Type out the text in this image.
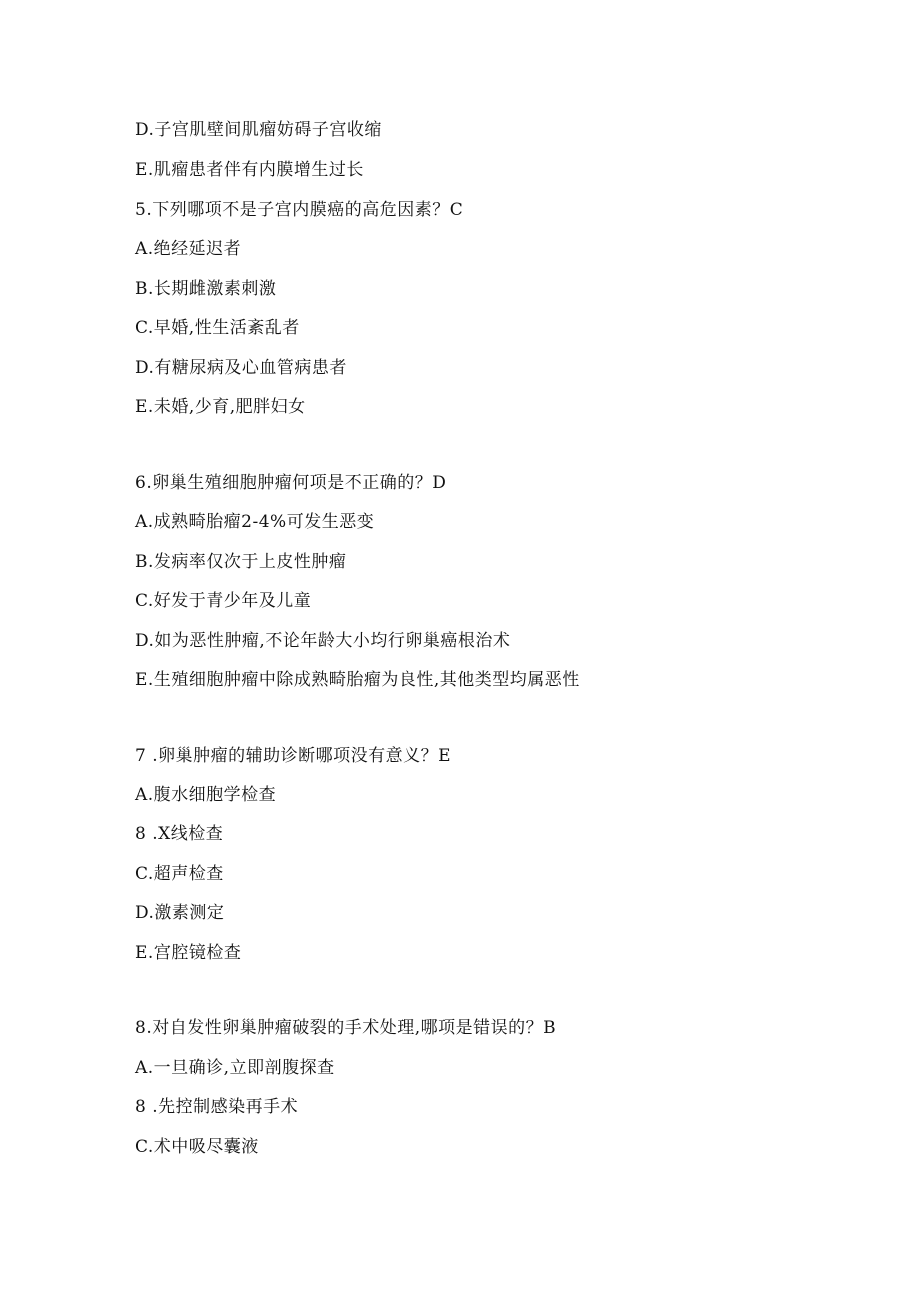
D.子宫肌壁间肌瘤妨碍子宫收缩
E.肌瘤患者伴有内膜增生过长
5.下列哪项不是子宫内膜癌的高危因素？C
A.绝经延迟者
B.长期雌激素刺激
C.早婚,性生活紊乱者
D.有糖尿病及心血管病患者
E.未婚,少育,肥胖妇女
6.卵巢生殖细胞肿瘤何项是不正确的？D
A.成熟畸胎瘤2-4%可发生恶变
B.发病率仅次于上皮性肿瘤
C.好发于青少年及儿童
D.如为恶性肿瘤,不论年龄大小均行卵巢癌根治术
E.生殖细胞肿瘤中除成熟畸胎瘤为良性,其他类型均属恶性
7 .卵巢肿瘤的辅助诊断哪项没有意义？E
A.腹水细胞学检查
8 .X线检查
C.超声检查
D.激素测定
E.宫腔镜检查
8.对自发性卵巢肿瘤破裂的手术处理,哪项是错误的？B
A.一旦确诊,立即剖腹探查
8 .先控制感染再手术
C.术中吸尽囊液
